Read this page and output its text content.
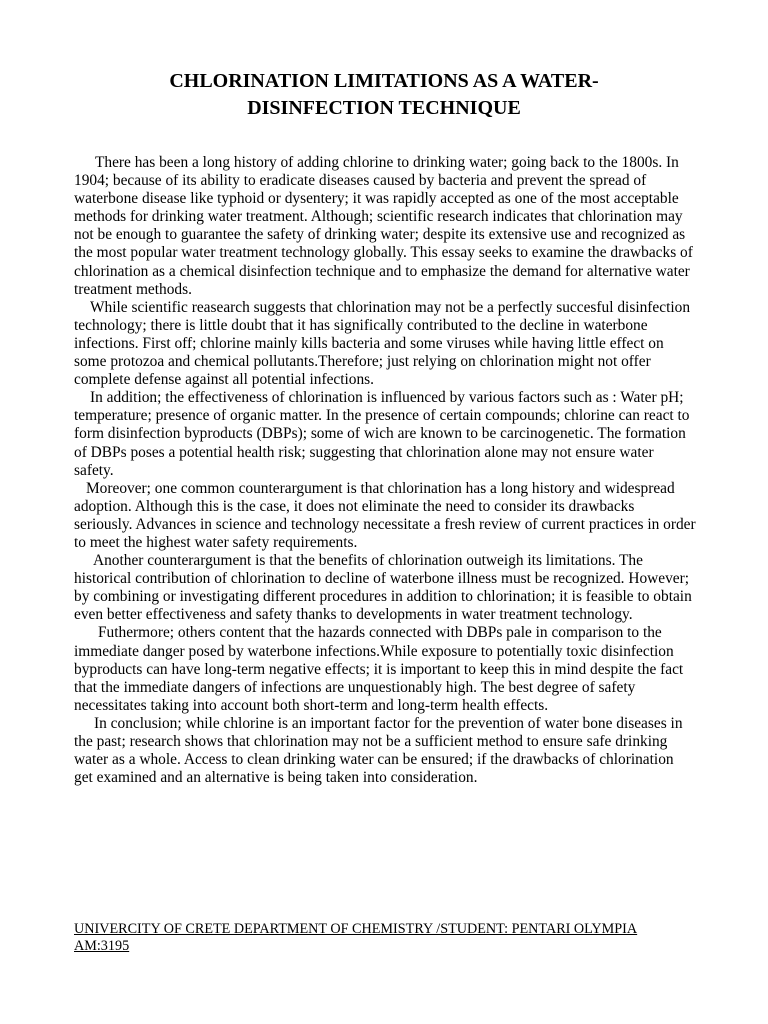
CHLORINATION LIMITATIONS AS A WATER-
DISINFECTION TECHNIQUE

There has been a long history of adding chlorine to drinking water; going back to the 1800s. In 1904; because of its ability to eradicate diseases caused by bacteria and prevent the spread of waterbone disease like typhoid or dysentery; it was rapidly accepted as one of the most acceptable methods for drinking water treatment. Although; scientific research indicates that chlorination may not be enough to guarantee the safety of drinking water; despite its extensive use and recognized as the most popular water treatment technology globally. This essay seeks to examine the drawbacks of chlorination as a chemical disinfection technique and to emphasize the demand for alternative water treatment methods.

While scientific reasearch suggests that chlorination may not be a perfectly succesful disinfection technology; there is little doubt that it has significally contributed to the decline in waterbone infections. First off; chlorine mainly kills bacteria and some viruses while having little effect on some protozoa and chemical pollutants.Therefore; just relying on chlorination might not offer complete defense against all potential infections.

In addition; the effectiveness of chlorination is influenced by various factors such as : Water pH; temperature; presence of organic matter. In the presence of certain compounds; chlorine can react to form disinfection byproducts (DBPs); some of wich are known to be carcinogenetic. The formation of DBPs poses a potential health risk; suggesting that chlorination alone may not ensure water safety.

Moreover; one common counterargument is that chlorination has a long history and widespread adoption. Although this is the case, it does not eliminate the need to consider its drawbacks seriously. Advances in science and technology necessitate a fresh review of current practices in order to meet the highest water safety requirements.

Another counterargument is that the benefits of chlorination outweigh its limitations. The historical contribution of chlorination to decline of waterbone illness must be recognized. However; by combining or investigating different procedures in addition to chlorination; it is feasible to obtain even better effectiveness and safety thanks to developments in water treatment technology.

Futhermore; others content that the hazards connected with DBPs pale in comparison to the immediate danger posed by waterbone infections.While exposure to potentially toxic disinfection byproducts can have long-term negative effects; it is important to keep this in mind despite the fact that the immediate dangers of infections are unquestionably high. The best degree of safety necessitates taking into account both short-term and long-term health effects.

In conclusion; while chlorine is an important factor for the prevention of water bone diseases in the past; research shows that chlorination may not be a sufficient method to ensure safe drinking water as a whole. Access to clean drinking water can be ensured; if the drawbacks of chlorination get examined and an alternative is being taken into consideration.

UNIVERCITY OF CRETE DEPARTMENT OF CHEMISTRY /STUDENT: PENTARI OLYMPIA
AM:3195
